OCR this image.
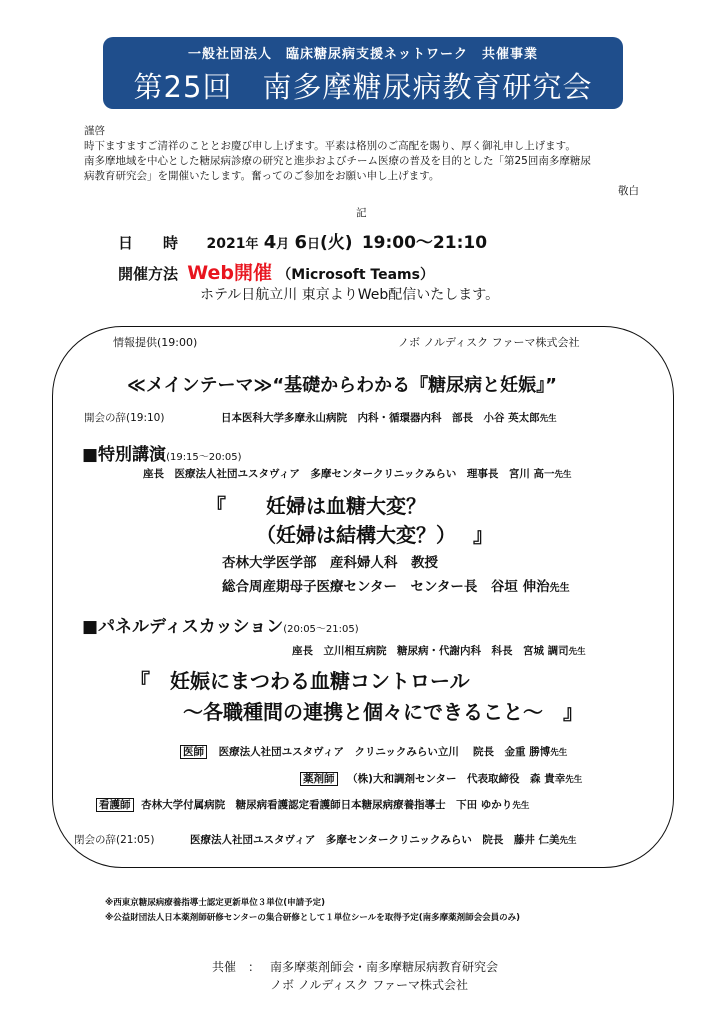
一般社団法人　臨床糖尿病支援ネットワーク　共催事業
第25回　南多摩糖尿病教育研究会
謹啓
時下ますますご清祥のこととお慶び申し上げます。平素は格別のご高配を賜り、厚く御礼申し上げます。
南多摩地域を中心とした糖尿病診療の研究と進歩およびチーム医療の普及を目的とした「第25回南多摩糖尿
病教育研究会」を開催いたします。奮ってのご参加をお願い申し上げます。
敬白
記
日　　時 2021年 4月 6日(火) 19:00〜21:10
開催方法 Web開催 （Microsoft Teams）
ホテル日航立川 東京よりWeb配信いたします。
情報提供(19:00)	ノボ ノルディスク ファーマ株式会社
≪メインテーマ≫“基礎からわかる『糖尿病と妊娠』”
開会の辞(19:10)	日本医科大学多摩永山病院　内科・循環器内科　部長　小谷 英太郎先生
■特別講演(19:15〜20:05)
座長　医療法人社団ユスタヴィア　多摩センタークリニックみらい　理事長　宮川 高一先生
『　　妊婦は血糖大変？
（妊婦は結構大変？）　 』
杏林大学医学部　産科婦人科　教授
総合周産期母子医療センター　センター長　谷垣 伸治先生
■パネルディスカッション(20:05〜21:05)
座長　立川相互病院　糖尿病・代謝内科　科長　宮城 調司先生
『　妊娠にまつわる血糖コントロール
〜各職種間の連携と個々にできること〜　』
医師 医療法人社団ユスタヴィア　クリニックみらい立川　 院長　金重 勝博先生
薬剤師 （株)大和調剤センター　代表取締役　森 貴幸先生
看護師 杏林大学付属病院　糖尿病看護認定看護師日本糖尿病療養指導士　下田 ゆかり先生
閉会の辞(21:05)	医療法人社団ユスタヴィア　多摩センタークリニックみらい　院長　藤井 仁美先生
※西東京糖尿病療養指導士認定更新単位３単位(申請予定)
※公益財団法人日本薬剤師研修センターの集合研修として１単位シールを取得予定(南多摩薬剤師会会員のみ)
共催　： 南多摩薬剤師会・南多摩糖尿病教育研究会
ノボ ノルディスク ファーマ株式会社
